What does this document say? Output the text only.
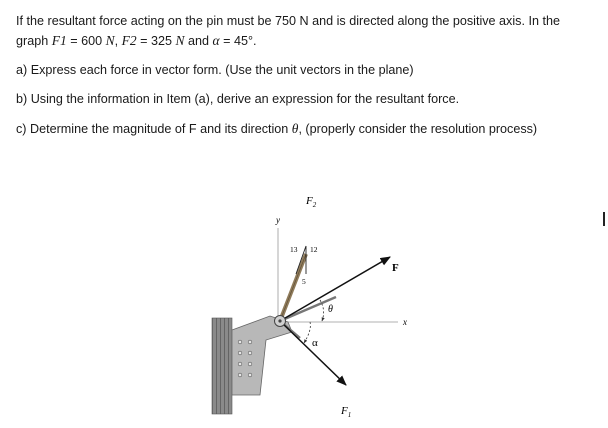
If the resultant force acting on the pin must be 750 N and is directed along the positive axis. In the

graph F1 = 600 N, F2 = 325 N and α = 45°.

a) Express each force in vector form. (Use the unit vectors in the plane)

b) Using the information in Item (a), derive an expression for the resultant force.

c) Determine the magnitude of F and its direction θ, (properly consider the resolution process)

$F_2$
y
13 12
5
F
θ
x
α
$F_1$
